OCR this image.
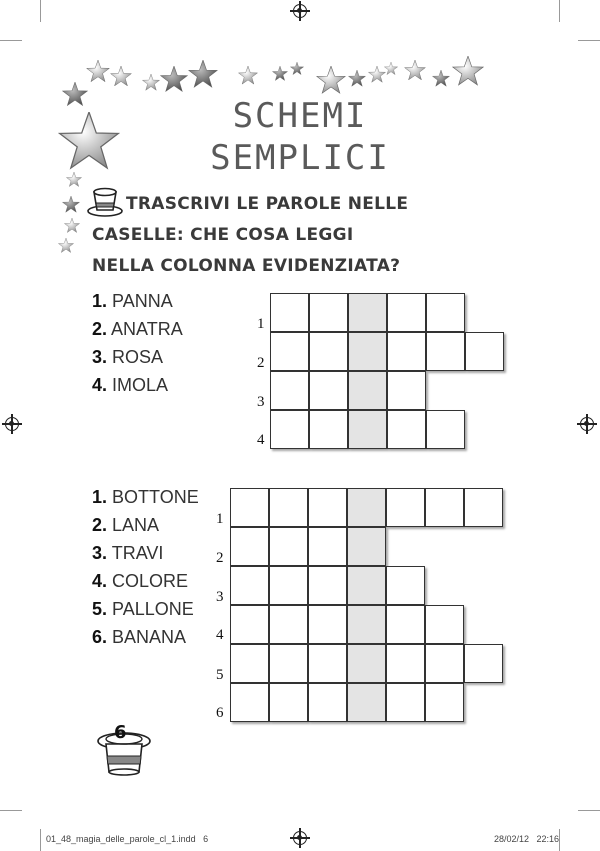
SCHEMI
SEMPLICI
TRASCRIVI LE PAROLE NELLE
CASELLE: CHE COSA LEGGI
NELLA COLONNA EVIDENZIATA?
1. PANNA
2. ANATRA
3. ROSA
4. IMOLA
1
2
3
4
1. BOTTONE
2. LANA
3. TRAVI
4. COLORE
5. PALLONE
6. BANANA
1
2
3
4
5
6
6
01_48_magia_delle_parole_cl_1.indd   6	28/02/12   22:16
